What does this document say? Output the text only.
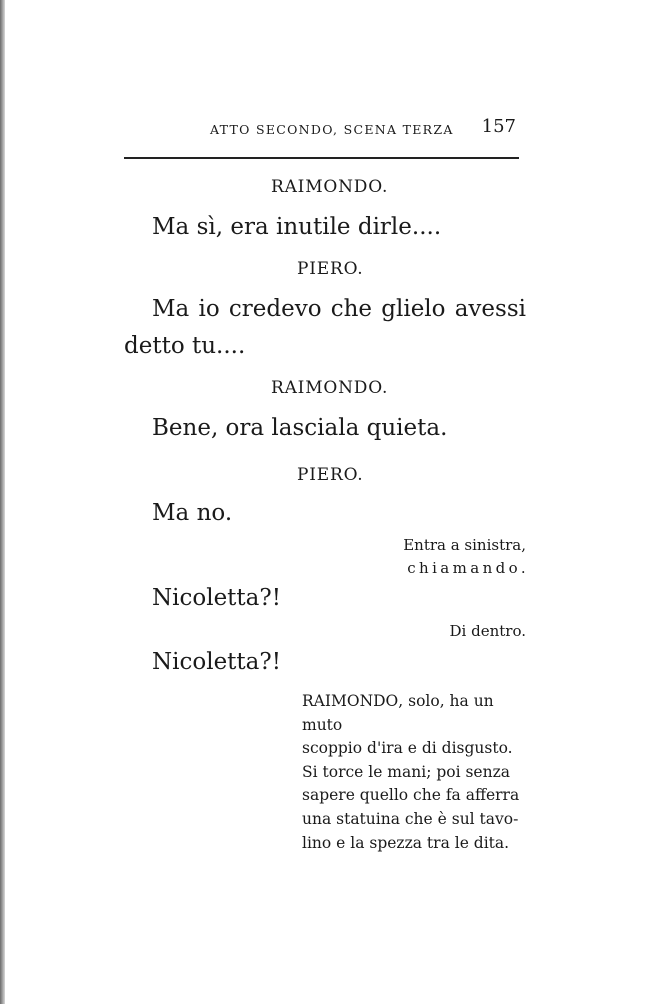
ATTO SECONDO, SCENA TERZA 157
RAIMONDO.
Ma sì, era inutile dirle....
PIERO.
Ma io credevo che glielo avessi
detto tu....
RAIMONDO.
Bene, ora lasciala quieta.
PIERO.
Ma no.
Entra a sinistra,
chiamando.
Nicoletta?!
Di dentro.
Nicoletta?!
RAIMONDO, solo, ha un muto
scoppio d'ira e di disgusto.
Si torce le mani; poi senza
sapere quello che fa afferra
una statuina che è sul tavo-
lino e la spezza tra le dita.
